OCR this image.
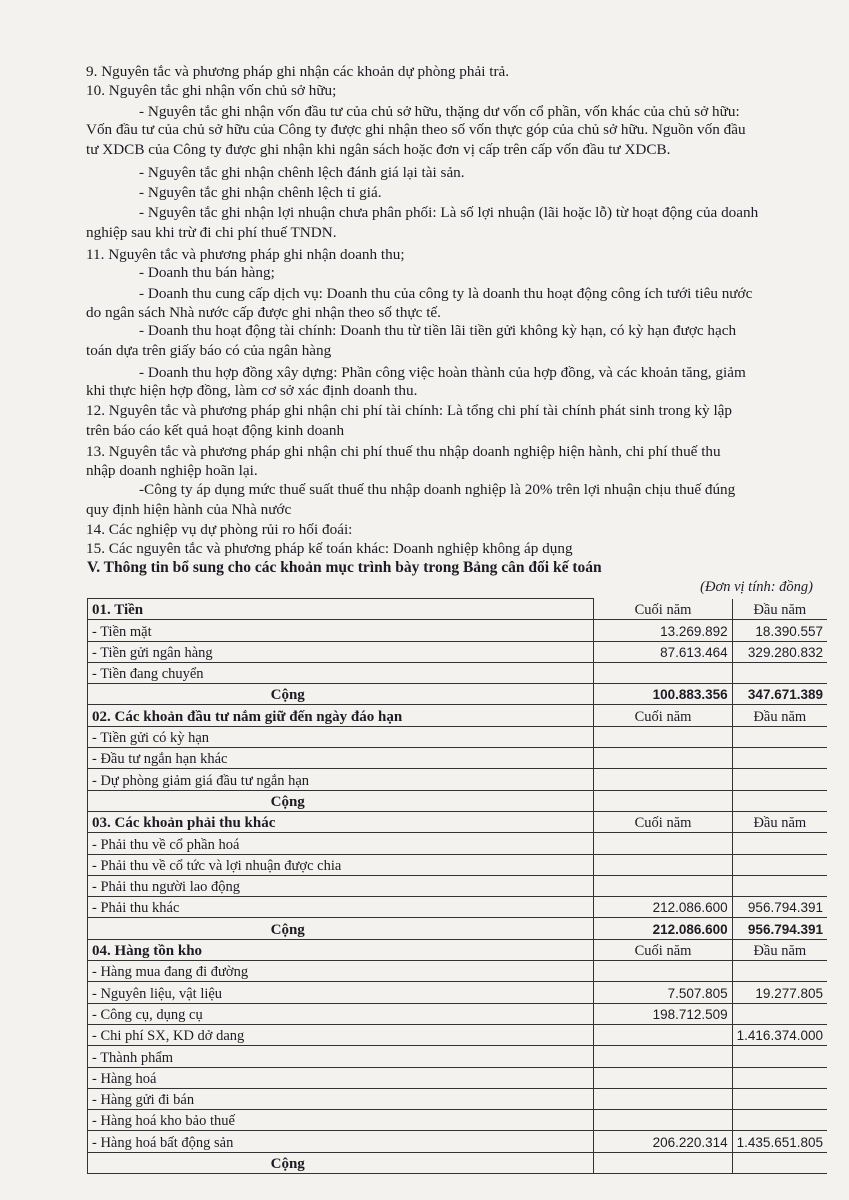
9. Nguyên tắc và phương pháp ghi nhận các khoản dự phòng phải trả.
10. Nguyên tắc ghi nhận vốn chủ sở hữu;
- Nguyên tắc ghi nhận vốn đầu tư của chủ sở hữu, thặng dư vốn cổ phần, vốn khác của chủ sở hữu:
Vốn đầu tư của chủ sở hữu của Công ty được ghi nhận theo số vốn thực góp của chủ sở hữu. Nguồn vốn đầu
tư XDCB của Công ty được ghi nhận khi ngân sách hoặc đơn vị cấp trên cấp vốn đầu tư XDCB.
- Nguyên tắc ghi nhận chênh lệch đánh giá lại tài sản.
- Nguyên tắc ghi nhận chênh lệch tỉ giá.
- Nguyên tắc ghi nhận lợi nhuận chưa phân phối: Là số lợi nhuận (lãi hoặc lỗ) từ hoạt động của doanh
nghiệp sau khi trừ đi chi phí thuế TNDN.
11. Nguyên tắc và phương pháp ghi nhận doanh thu;
- Doanh thu bán hàng;
- Doanh thu cung cấp dịch vụ: Doanh thu của công ty là doanh thu hoạt động công ích tưới tiêu nước
do ngân sách Nhà nước cấp được ghi nhận theo số thực tế.
- Doanh thu hoạt động tài chính: Doanh thu từ tiền lãi tiền gửi không kỳ hạn, có kỳ hạn được hạch
toán dựa trên giấy báo có của ngân hàng
- Doanh thu hợp đồng xây dựng: Phần công việc hoàn thành của hợp đồng, và các khoản tăng, giảm
khi thực hiện hợp đồng, làm cơ sở xác định doanh thu.
12. Nguyên tắc và phương pháp ghi nhận chi phí tài chính: Là tổng chi phí tài chính phát sinh trong kỳ lập
trên báo cáo kết quả hoạt động kinh doanh
13. Nguyên tắc và phương pháp ghi nhận chi phí thuế thu nhập doanh nghiệp hiện hành, chi phí thuế thu
nhập doanh nghiệp hoãn lại.
-Công ty áp dụng mức thuế suất thuế thu nhập doanh nghiệp là 20% trên lợi nhuận chịu thuế đúng
quy định hiện hành của Nhà nước
14. Các nghiệp vụ dự phòng rủi ro hối đoái:
15. Các nguyên tắc và phương pháp kế toán khác: Doanh nghiệp không áp dụng
V. Thông tin bổ sung cho các khoản mục trình bày trong Bảng cân đối kế toán
(Đơn vị tính: đồng)
01. Tiền	Cuối năm	Đầu năm
- Tiền mặt	13.269.892	18.390.557
- Tiền gửi ngân hàng	87.613.464	329.280.832
- Tiền đang chuyển		
Cộng	100.883.356	347.671.389
02. Các khoản đầu tư nắm giữ đến ngày đáo hạn	Cuối năm	Đầu năm
- Tiền gửi có kỳ hạn		
- Đầu tư ngắn hạn khác		
- Dự phòng giảm giá đầu tư ngắn hạn		
Cộng		
03. Các khoản phải thu khác	Cuối năm	Đầu năm
- Phải thu về cổ phần hoá		
- Phải thu về cổ tức và lợi nhuận được chia		
- Phải thu người lao động		
- Phải thu khác	212.086.600	956.794.391
Cộng	212.086.600	956.794.391
04. Hàng tồn kho	Cuối năm	Đầu năm
- Hàng mua đang đi đường		
- Nguyên liệu, vật liệu	7.507.805	19.277.805
- Công cụ, dụng cụ	198.712.509	
- Chi phí SX, KD dở dang		1.416.374.000
- Thành phẩm		
- Hàng hoá		
- Hàng gửi đi bán		
- Hàng hoá kho bảo thuế		
- Hàng hoá bất động sản	206.220.314	1.435.651.805
Cộng		
